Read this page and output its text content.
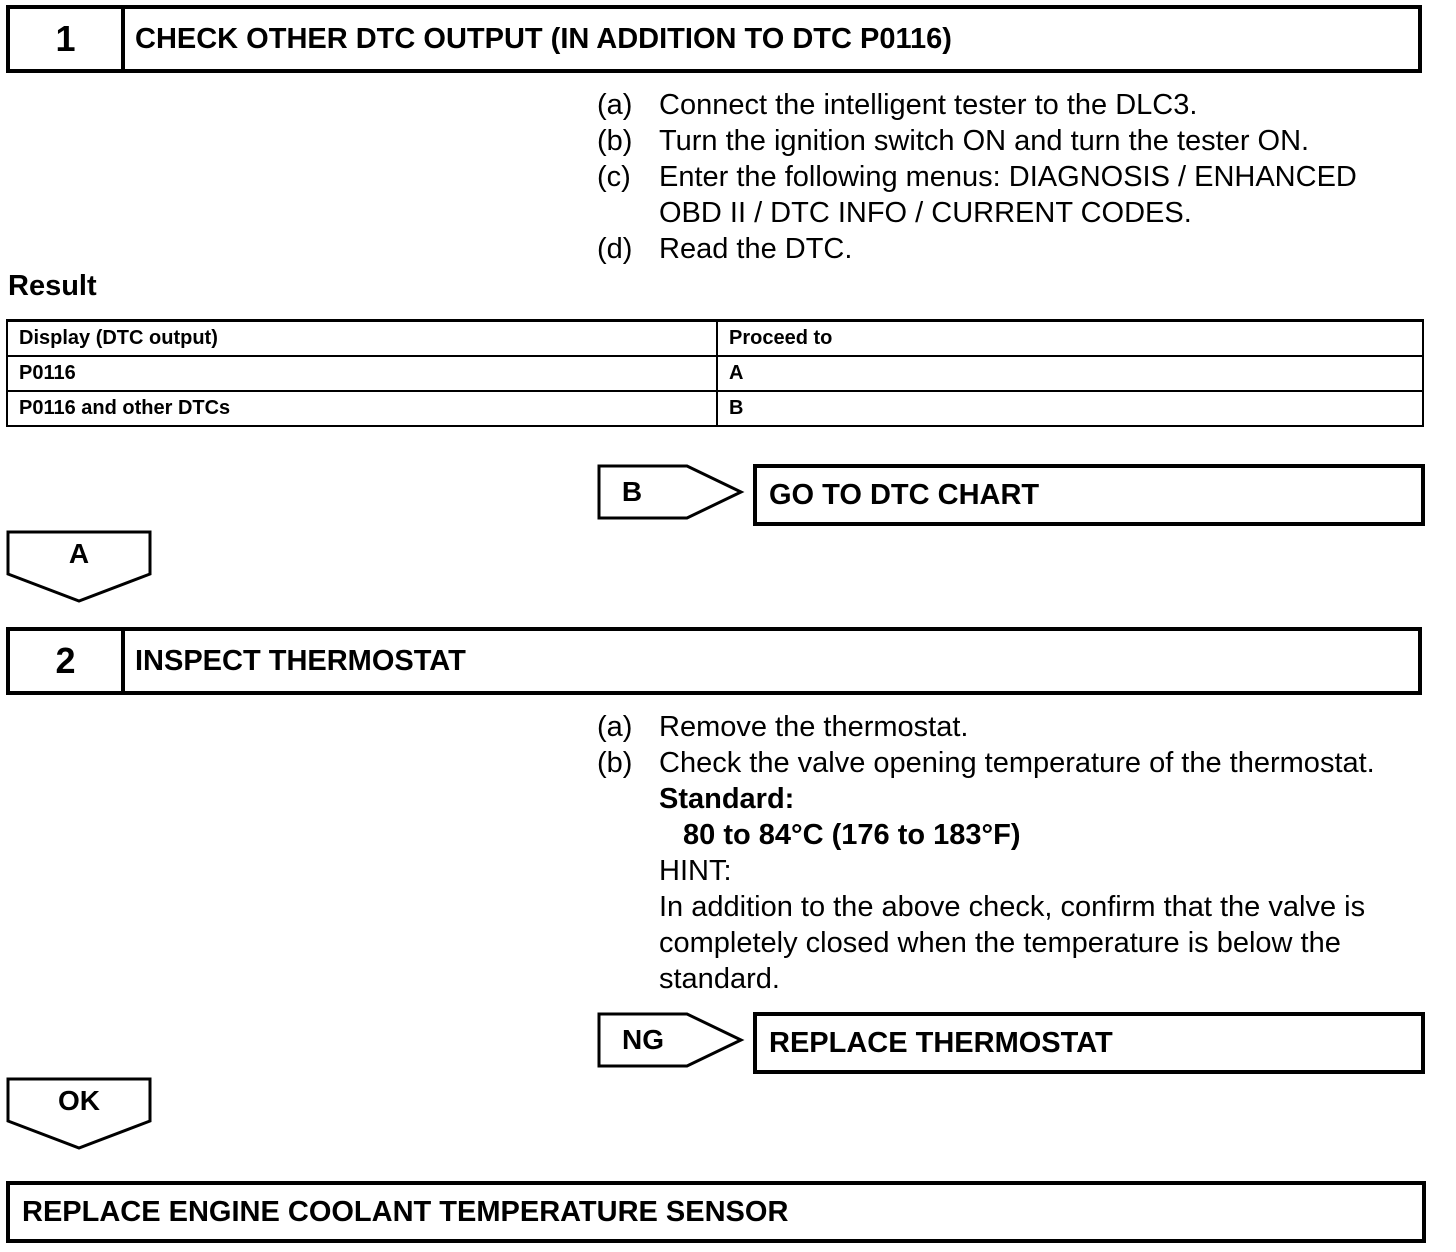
1	CHECK OTHER DTC OUTPUT (IN ADDITION TO DTC P0116)
(a) Connect the intelligent tester to the DLC3.
(b) Turn the ignition switch ON and turn the tester ON.
(c) Enter the following menus: DIAGNOSIS / ENHANCED
OBD II / DTC INFO / CURRENT CODES.
(d) Read the DTC.
Result
Display (DTC output)	Proceed to
P0116	A
P0116 and other DTCs	B
B	GO TO DTC CHART
A
2	INSPECT THERMOSTAT
(a) Remove the thermostat.
(b) Check the valve opening temperature of the thermostat.
Standard:
80 to 84°C (176 to 183°F)
HINT:
In addition to the above check, confirm that the valve is
completely closed when the temperature is below the
standard.
NG	REPLACE THERMOSTAT
OK
REPLACE ENGINE COOLANT TEMPERATURE SENSOR
